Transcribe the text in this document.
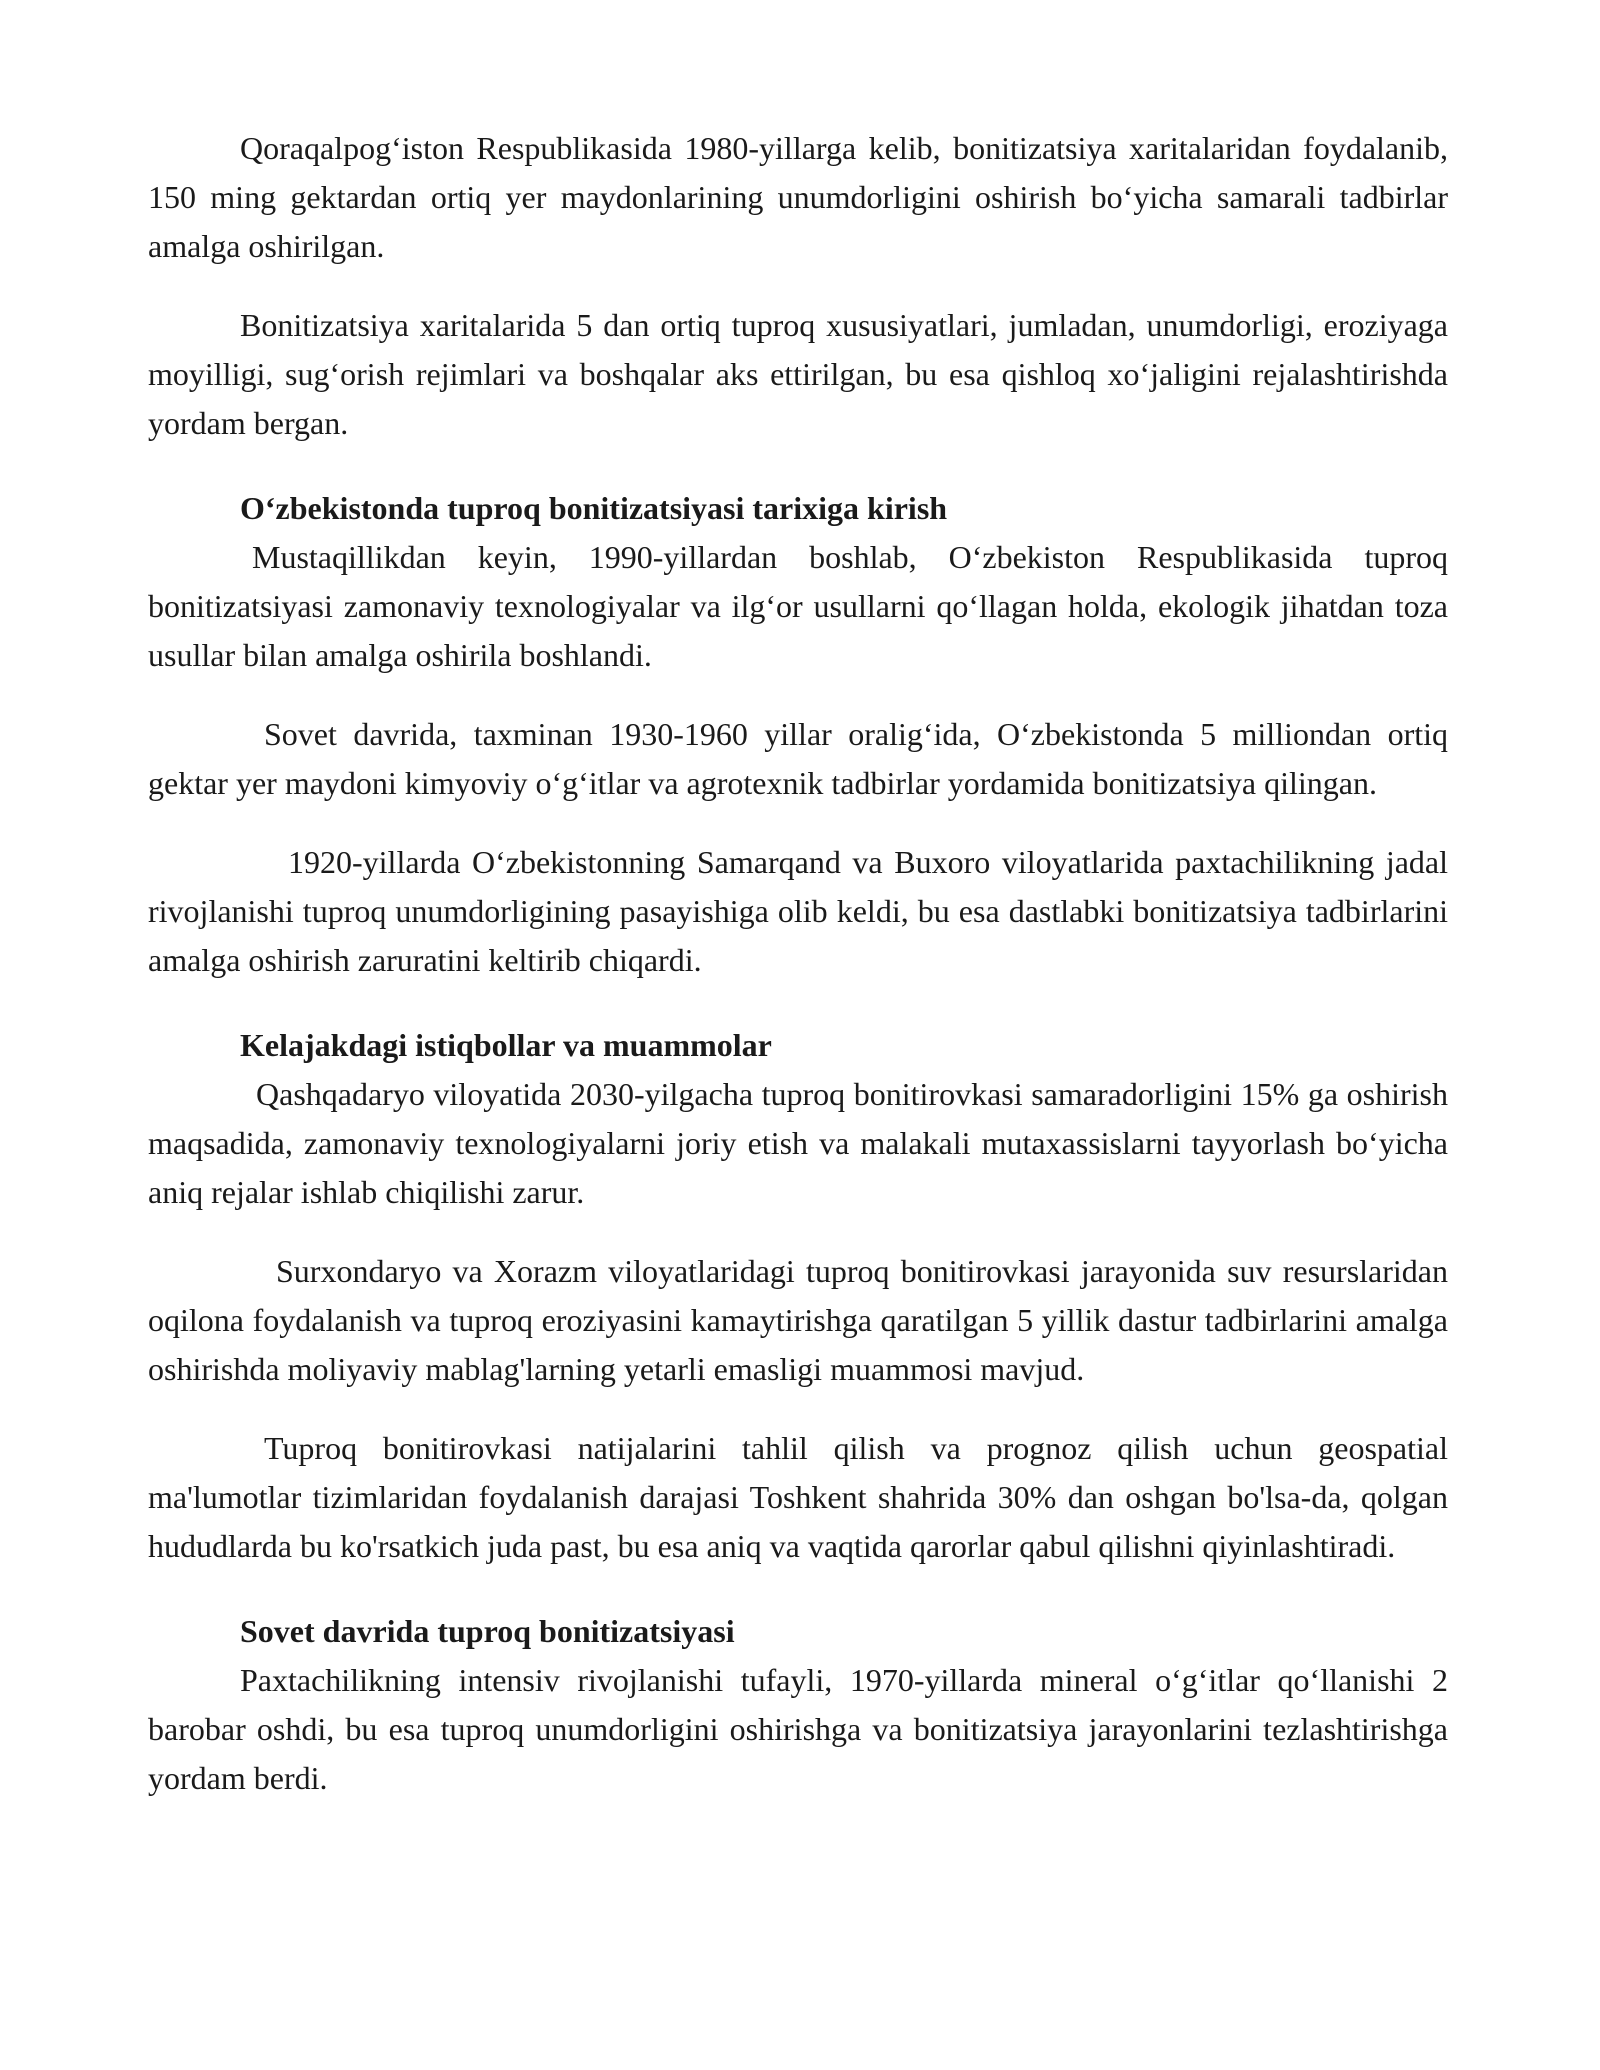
Qoraqalpog‘iston Respublikasida 1980-yillarga kelib, bonitizatsiya xaritalaridan foydalanib, 150 ming gektardan ortiq yer maydonlarining unumdorligini oshirish bo‘yicha samarali tadbirlar amalga oshirilgan.

Bonitizatsiya xaritalarida 5 dan ortiq tuproq xususiyatlari, jumladan, unumdorligi, eroziyaga moyilligi, sug‘orish rejimlari va boshqalar aks ettirilgan, bu esa qishloq xo‘jaligini rejalashtirishda yordam bergan.

O‘zbekistonda tuproq bonitizatsiyasi tarixiga kirish

Mustaqillikdan keyin, 1990-yillardan boshlab, O‘zbekiston Respublikasida tuproq bonitizatsiyasi zamonaviy texnologiyalar va ilg‘or usullarni qo‘llagan holda, ekologik jihatdan toza usullar bilan amalga oshirila boshlandi.

Sovet davrida, taxminan 1930-1960 yillar oralig‘ida, O‘zbekistonda 5 milliondan ortiq gektar yer maydoni kimyoviy o‘g‘itlar va agrotexnik tadbirlar yordamida bonitizatsiya qilingan.

1920-yillarda O‘zbekistonning Samarqand va Buxoro viloyatlarida paxtachilikning jadal rivojlanishi tuproq unumdorligining pasayishiga olib keldi, bu esa dastlabki bonitizatsiya tadbirlarini amalga oshirish zaruratini keltirib chiqardi.

Kelajakdagi istiqbollar va muammolar

Qashqadaryo viloyatida 2030-yilgacha tuproq bonitirovkasi samaradorligini 15% ga oshirish maqsadida, zamonaviy texnologiyalarni joriy etish va malakali mutaxassislarni tayyorlash bo‘yicha aniq rejalar ishlab chiqilishi zarur.

Surxondaryo va Xorazm viloyatlaridagi tuproq bonitirovkasi jarayonida suv resurslaridan oqilona foydalanish va tuproq eroziyasini kamaytirishga qaratilgan 5 yillik dastur tadbirlarini amalga oshirishda moliyaviy mablag'larning yetarli emasligi muammosi mavjud.

Tuproq bonitirovkasi natijalarini tahlil qilish va prognoz qilish uchun geospatial ma'lumotlar tizimlaridan foydalanish darajasi Toshkent shahrida 30% dan oshgan bo'lsa-da, qolgan hududlarda bu ko'rsatkich juda past, bu esa aniq va vaqtida qarorlar qabul qilishni qiyinlashtiradi.

Sovet davrida tuproq bonitizatsiyasi

Paxtachilikning intensiv rivojlanishi tufayli, 1970-yillarda mineral o‘g‘itlar qo‘llanishi 2 barobar oshdi, bu esa tuproq unumdorligini oshirishga va bonitizatsiya jarayonlarini tezlashtirishga yordam berdi.
